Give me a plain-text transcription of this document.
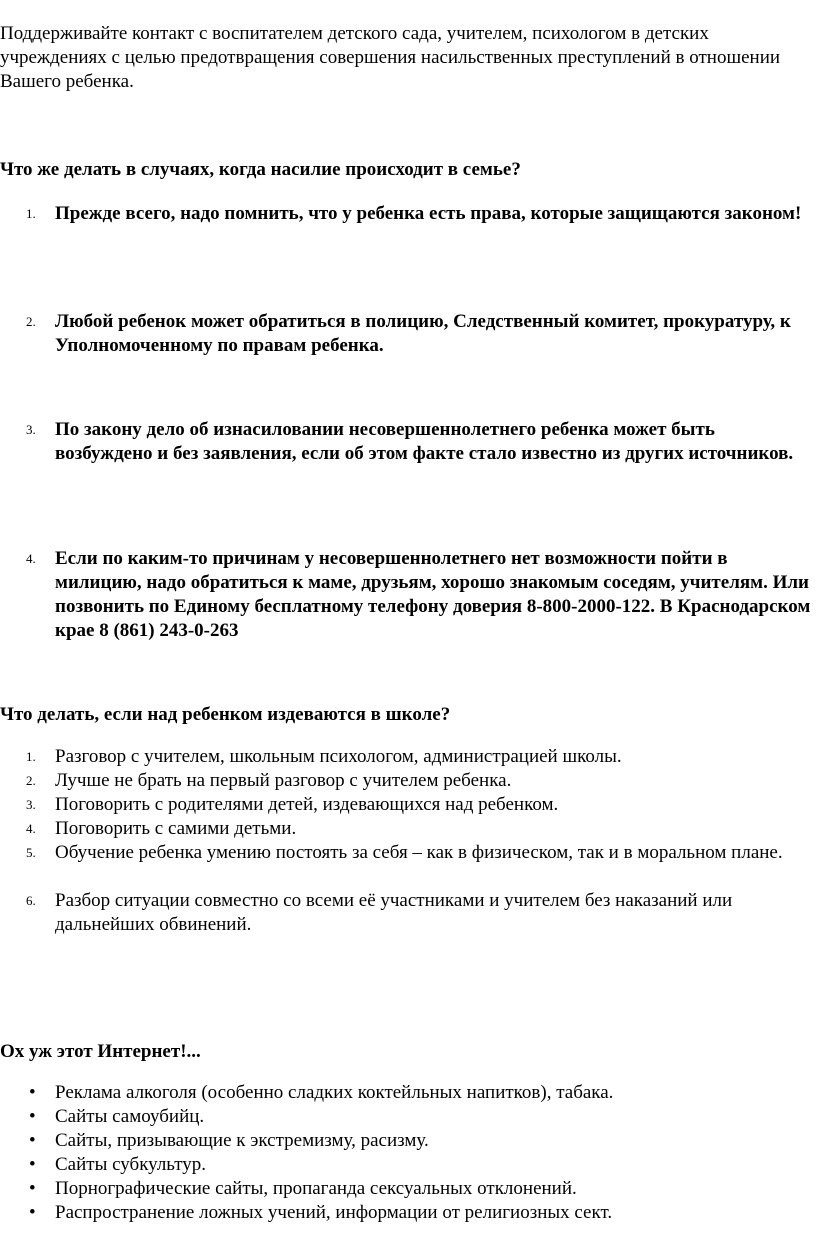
Поддерживайте контакт с воспитателем детского сада, учителем, психологом в детских учреждениях с целью предотвращения совершения насильственных преступлений в отношении Вашего ребенка.

Что же делать в случаях, когда насилие происходит в семье?
1. Прежде всего, надо помнить, что у ребенка есть права, которые защищаются законом!
2. Любой ребенок может обратиться в полицию, Следственный комитет, прокуратуру, к Уполномоченному по правам ребенка.
3. По закону дело об изнасиловании несовершеннолетнего ребенка может быть возбуждено и без заявления, если об этом факте стало известно из других источников.
4. Если по каким-то причинам у несовершеннолетнего нет возможности пойти в милицию, надо обратиться к маме, друзьям, хорошо знакомым соседям, учителям. Или позвонить по Единому бесплатному телефону доверия 8-800-2000-122. В Краснодарском крае 8 (861) 243-0-263
Что делать, если над ребенком издеваются в школе?
1. Разговор с учителем, школьным психологом, администрацией школы.
2. Лучше не брать на первый разговор с учителем ребенка.
3. Поговорить с родителями детей, издевающихся над ребенком.
4. Поговорить с самими детьми.
5. Обучение ребенка умению постоять за себя – как в физическом, так и в моральном плане.
6. Разбор ситуации совместно со всеми её участниками и учителем без наказаний или дальнейших обвинений.
Ох уж этот Интернет!...
• Реклама алкоголя (особенно сладких коктейльных напитков), табака.
• Сайты самоубийц.
• Сайты, призывающие к экстремизму, расизму.
• Сайты субкультур.
• Порнографические сайты, пропаганда сексуальных отклонений.
• Распространение ложных учений, информации от религиозных сект.
